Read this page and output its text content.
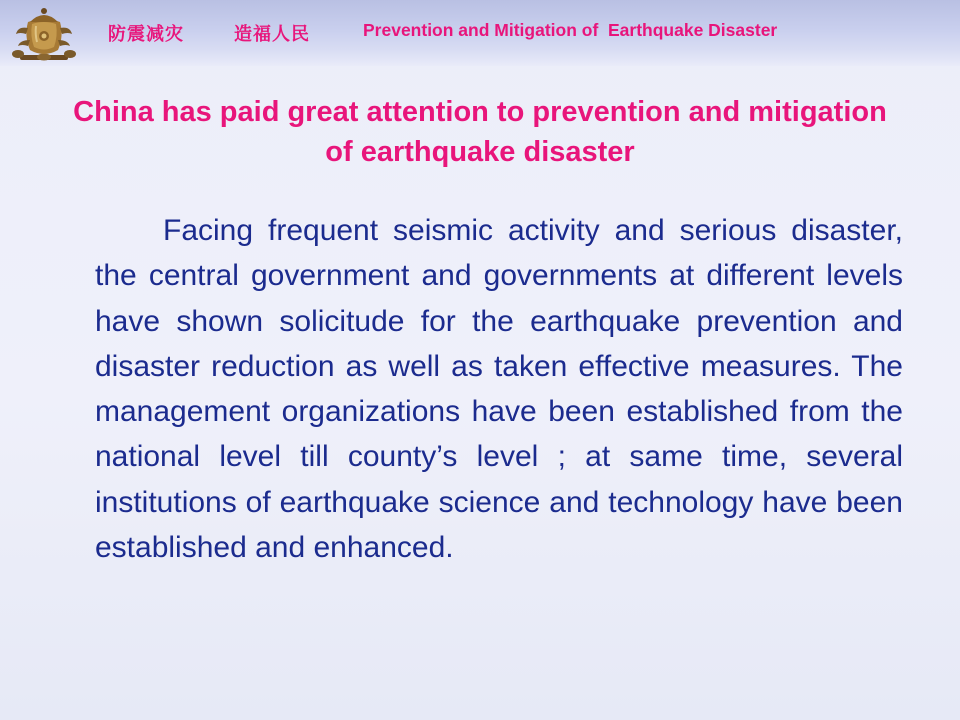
防震减灾	造福人民	Prevention and Mitigation of  Earthquake Disaster
China has paid great attention to prevention and mitigation of earthquake disaster

Facing frequent seismic activity and serious disaster, the central government and governments at different levels have shown solicitude for the earthquake prevention and disaster reduction as well as taken effective measures. The management organizations have been established from the national level till county’s level ; at same time, several institutions of earthquake science and technology have been established and enhanced.
